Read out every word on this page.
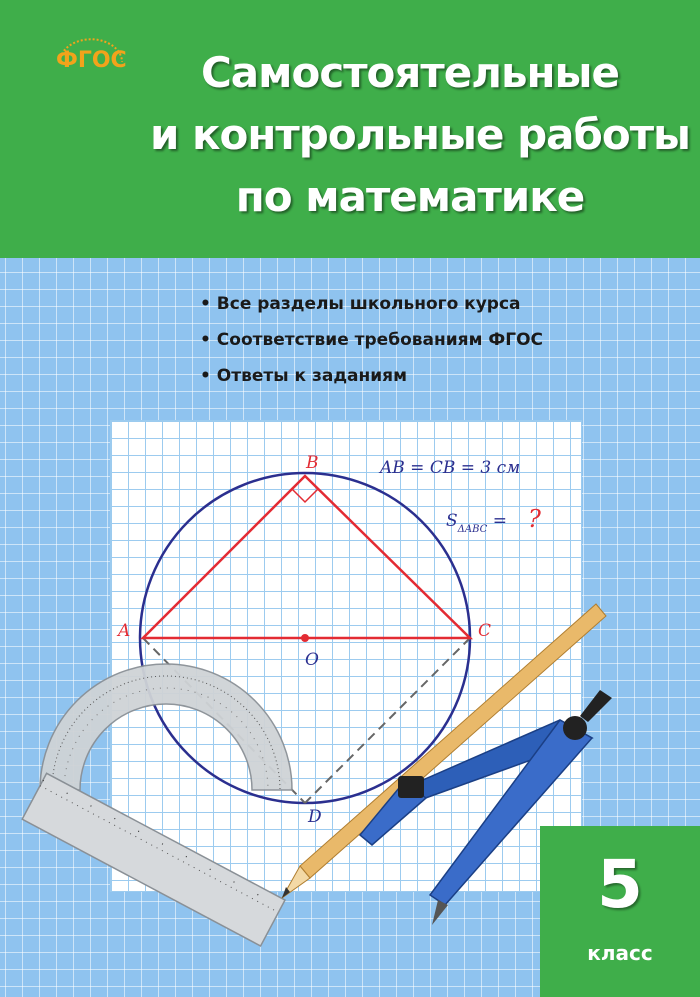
ФГОС	Самостоятельные
и контрольные работы
по математике
• Все разделы школьного курса
• Соответствие требованиям ФГОС
• Ответы к заданиям
A
B
C
O
D
AB = CB = 3 см
$S_{\Delta ABC}$ = ?
5
класс
